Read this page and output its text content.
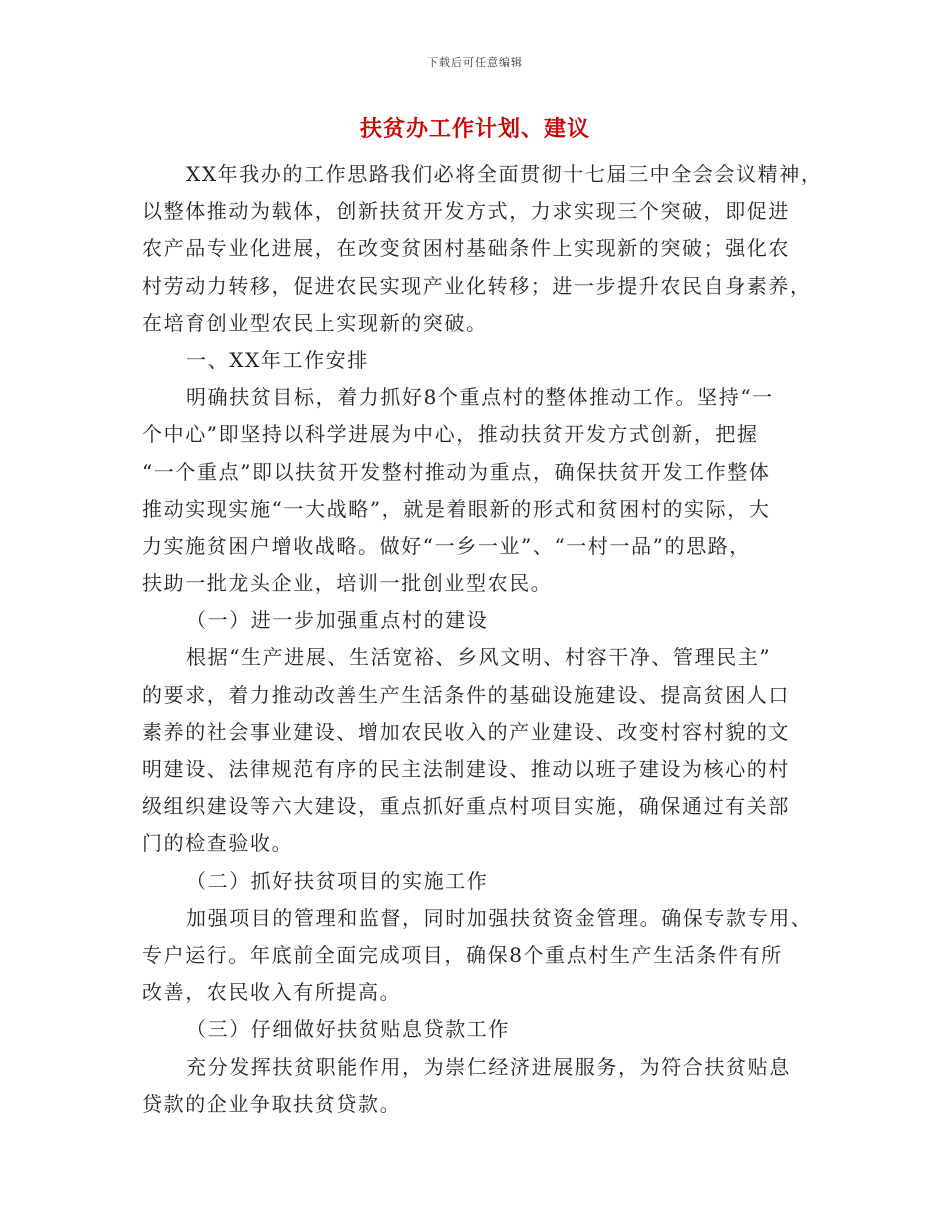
下载后可任意编辑
扶贫办工作计划、建议
XX年我办的工作思路我们必将全面贯彻十七届三中全会会议精神，
以整体推动为载体，创新扶贫开发方式，力求实现三个突破，即促进
农产品专业化进展，在改变贫困村基础条件上实现新的突破；强化农
村劳动力转移，促进农民实现产业化转移；进一步提升农民自身素养，
在培育创业型农民上实现新的突破。
一、XX年工作安排
明确扶贫目标，着力抓好8个重点村的整体推动工作。坚持“一
个中心”即坚持以科学进展为中心，推动扶贫开发方式创新，把握
“一个重点”即以扶贫开发整村推动为重点，确保扶贫开发工作整体
推动实现实施“一大战略”，就是着眼新的形式和贫困村的实际，大
力实施贫困户增收战略。做好“一乡一业”、“一村一品”的思路，
扶助一批龙头企业，培训一批创业型农民。
（一）进一步加强重点村的建设
根据“生产进展、生活宽裕、乡风文明、村容干净、管理民主”
的要求，着力推动改善生产生活条件的基础设施建设、提高贫困人口
素养的社会事业建设、增加农民收入的产业建设、改变村容村貌的文
明建设、法律规范有序的民主法制建设、推动以班子建设为核心的村
级组织建设等六大建设，重点抓好重点村项目实施，确保通过有关部
门的检查验收。
（二）抓好扶贫项目的实施工作
加强项目的管理和监督，同时加强扶贫资金管理。确保专款专用、
专户运行。年底前全面完成项目，确保8个重点村生产生活条件有所
改善，农民收入有所提高。
（三）仔细做好扶贫贴息贷款工作
充分发挥扶贫职能作用，为崇仁经济进展服务，为符合扶贫贴息
贷款的企业争取扶贫贷款。
